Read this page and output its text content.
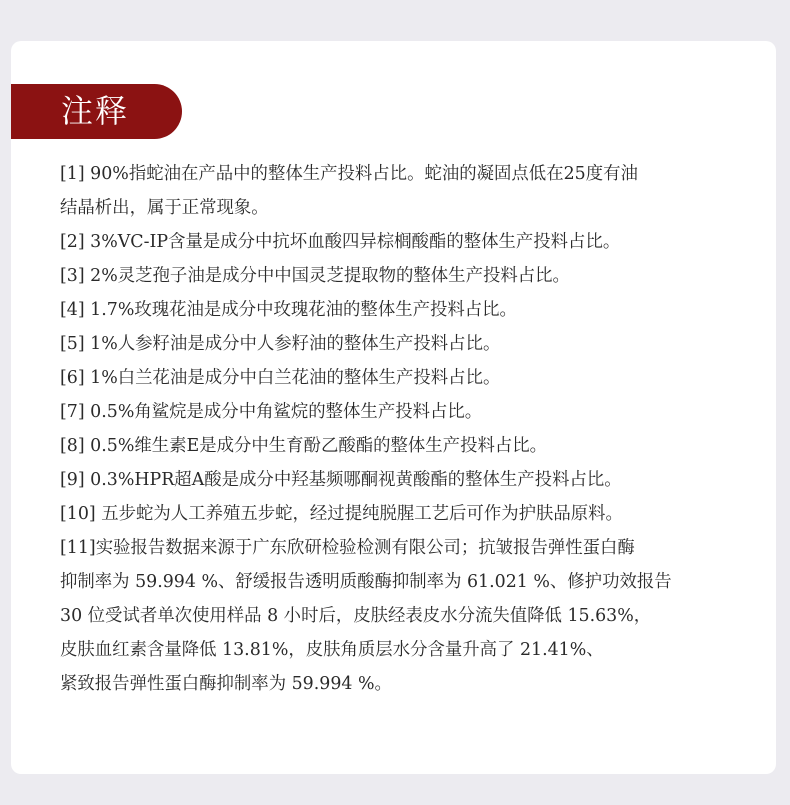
注释
[1] 90%指蛇油在产品中的整体生产投料占比。蛇油的凝固点低在25度有油
结晶析出，属于正常现象。
[2] 3%VC-IP含量是成分中抗坏血酸四异棕榈酸酯的整体生产投料占比。
[3] 2%灵芝孢子油是成分中中国灵芝提取物的整体生产投料占比。
[4] 1.7%玫瑰花油是成分中玫瑰花油的整体生产投料占比。
[5] 1%人参籽油是成分中人参籽油的整体生产投料占比。
[6] 1%白兰花油是成分中白兰花油的整体生产投料占比。
[7] 0.5%角鲨烷是成分中角鲨烷的整体生产投料占比。
[8] 0.5%维生素E是成分中生育酚乙酸酯的整体生产投料占比。
[9] 0.3%HPR超A酸是成分中羟基频哪酮视黄酸酯的整体生产投料占比。
[10] 五步蛇为人工养殖五步蛇，经过提纯脱腥工艺后可作为护肤品原料。
[11]实验报告数据来源于广东欣研检验检测有限公司；抗皱报告弹性蛋白酶
抑制率为 59.994 %、舒缓报告透明质酸酶抑制率为 61.021 %、修护功效报告
30 位受试者单次使用样品 8 小时后，皮肤经表皮水分流失值降低 15.63%，
皮肤血红素含量降低 13.81%，皮肤角质层水分含量升高了 21.41%、
紧致报告弹性蛋白酶抑制率为 59.994 %。
